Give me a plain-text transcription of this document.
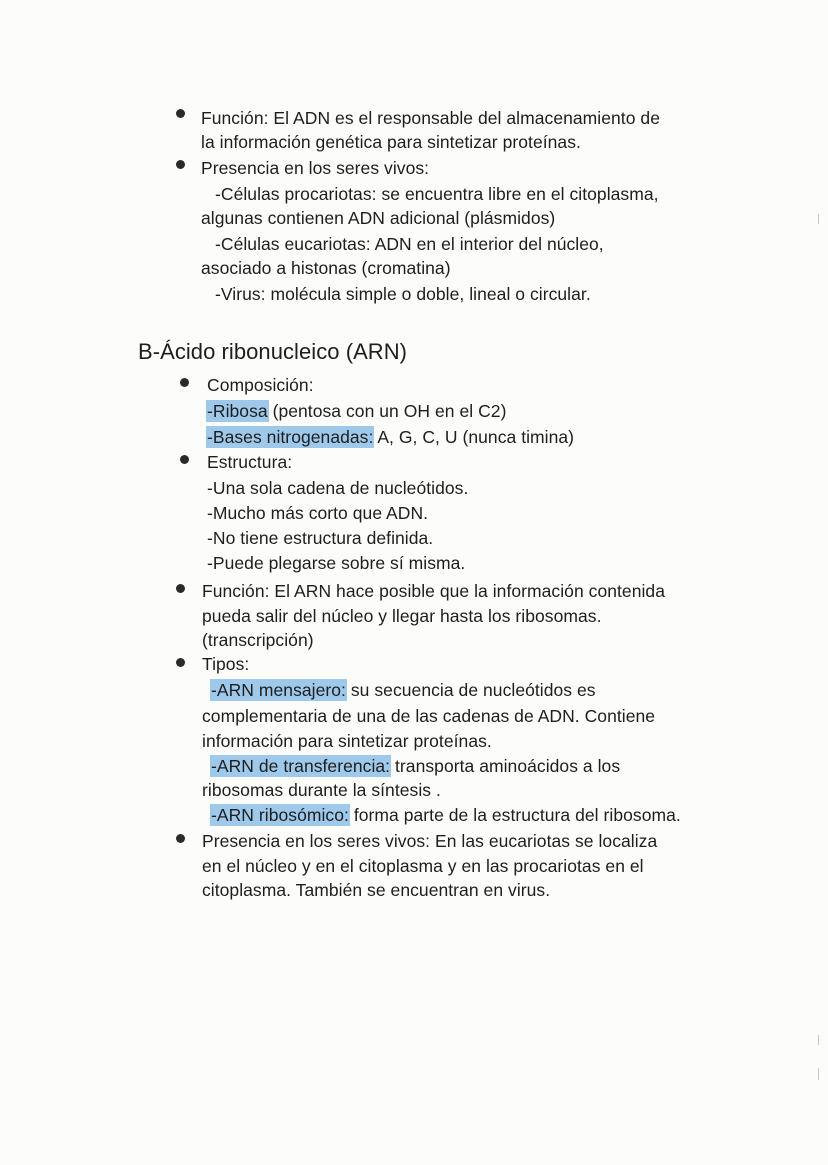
Función: El ADN es el responsable del almacenamiento de
la información genética para sintetizar proteínas.
Presencia en los seres vivos:
-Células procariotas: se encuentra libre en el citoplasma,
algunas contienen ADN adicional (plásmidos)
-Células eucariotas: ADN en el interior del núcleo,
asociado a histonas (cromatina)
-Virus: molécula simple o doble, lineal o circular.
B-Ácido ribonucleico (ARN)
Composición:
-Ribosa (pentosa con un OH en el C2)
-Bases nitrogenadas: A, G, C, U (nunca timina)
Estructura:
-Una sola cadena de nucleótidos.
-Mucho más corto que ADN.
-No tiene estructura definida.
-Puede plegarse sobre sí misma.
Función: El ARN hace posible que la información contenida
pueda salir del núcleo y llegar hasta los ribosomas.
(transcripción)
Tipos:
-ARN mensajero: su secuencia de nucleótidos es
complementaria de una de las cadenas de ADN. Contiene
información para sintetizar proteínas.
-ARN de transferencia: transporta aminoácidos a los
ribosomas durante la síntesis .
-ARN ribosómico: forma parte de la estructura del ribosoma.
Presencia en los seres vivos: En las eucariotas se localiza
en el núcleo y en el citoplasma y en las procariotas en el
citoplasma. También se encuentran en virus.
